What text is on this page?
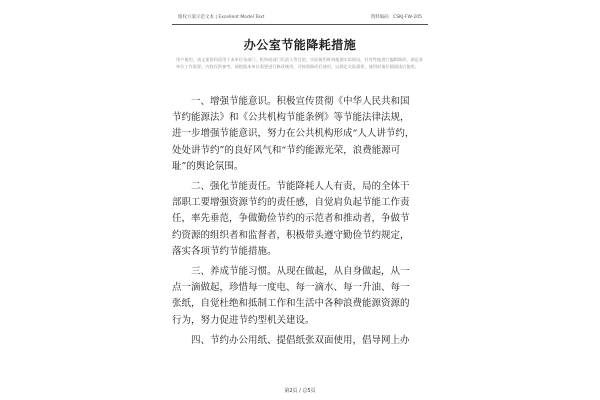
版权方案示范文本 | Excellent Model Text	资料编码：CSKJ-FW-205
办公室节能降耗措施
用户使用，该文案资料适用于本单位各部门、机构或部门负责人等目的，实际使用时请根据实际情况，针对性地进行编辑修改，满足本单位工作需要。内容仅供参考，请根据本单位需要进行修改使用，可按需修改后使用，以满足实际需要，使用时请仔细阅读后使用。
一、增强节能意识。积极宣传贯彻《中华人民共和国
节约能源法》和《公共机构节能条例》等节能法律法规，
进一步增强节能意识，努力在公共机构形成“人人讲节约，
处处讲节约”的良好风气和“节约能源光荣，浪费能源可
耻”的舆论氛围。
二、强化节能责任。节能降耗人人有责，局的全体干
部职工要增强资源节约的责任感，自觉肩负起节能工作责
任，率先垂范，争做勤俭节约的示范者和推动者，争做节
约资源的组织者和监督者，积极带头遵守勤俭节约规定，
落实各项节约节能措施。
三、养成节能习惯。从现在做起，从自身做起，从一
点一滴做起，珍惜每一度电、每一滴水、每一升油、每一
张纸，自觉杜绝和抵制工作和生活中各种浪费能源资源的
行为，努力促进节约型机关建设。
四、节约办公用纸、提倡纸张双面使用，倡导网上办
第2页 / 总5页
